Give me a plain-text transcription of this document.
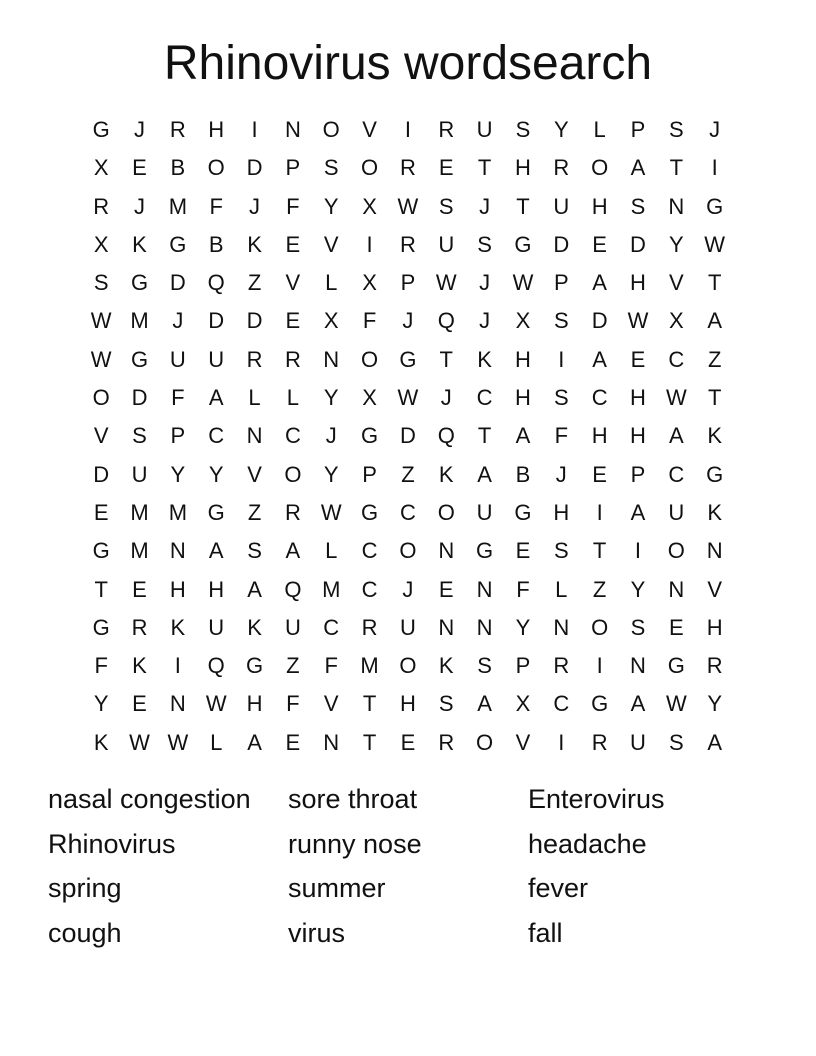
Rhinovirus wordsearch
G	J	R	H	I	N O	V	I	R	U	S	Y	L	P	S	J
X	E	B	O D	P	S	O R	E	T	H	R O	A	T	I
R	J	M	F	J	F	Y	X W S	J	T	U	H	S	N G
X	K	G	B	K	E	V	I	R	U	S	G D	E	D	Y W
S	G D Q	Z	V	L	X	P W	J	W P	A	H	V	T
W M	J	D	D	E	X	F	J	Q	J	X	S	D W X	A
W G U	U	R	R	N O G	T	K	H	I	A	E	C	Z
O D	F	A	L	L	Y	X W	J	C	H	S	C	H W T
V	S	P	C	N	C	J	G D Q	T	A	F	H	H	A	K
D	U	Y	Y	V	O	Y	P	Z	K	A	B	J	E	P	C G
E M M G	Z	R W G C O U G H	I	A	U	K
G M N	A	S	A	L	C O N G	E	S	T	I	O N
T	E	H	H	A	Q M C	J	E	N	F	L	Z	Y	N	V
G R	K	U	K	U	C	R	U	N	N	Y	N O	S	E	H
F	K	I	Q G	Z	F	M O	K	S	P	R	I	N G R
Y	E	N W H	F	V	T	H	S	A	X	C G	A W Y
K W W L	A	E	N	T	E	R O	V	I	R	U	S	A
nasal congestion	sore throat	Enterovirus
Rhinovirus	runny nose	headache
spring	summer	fever
cough	virus	fall
